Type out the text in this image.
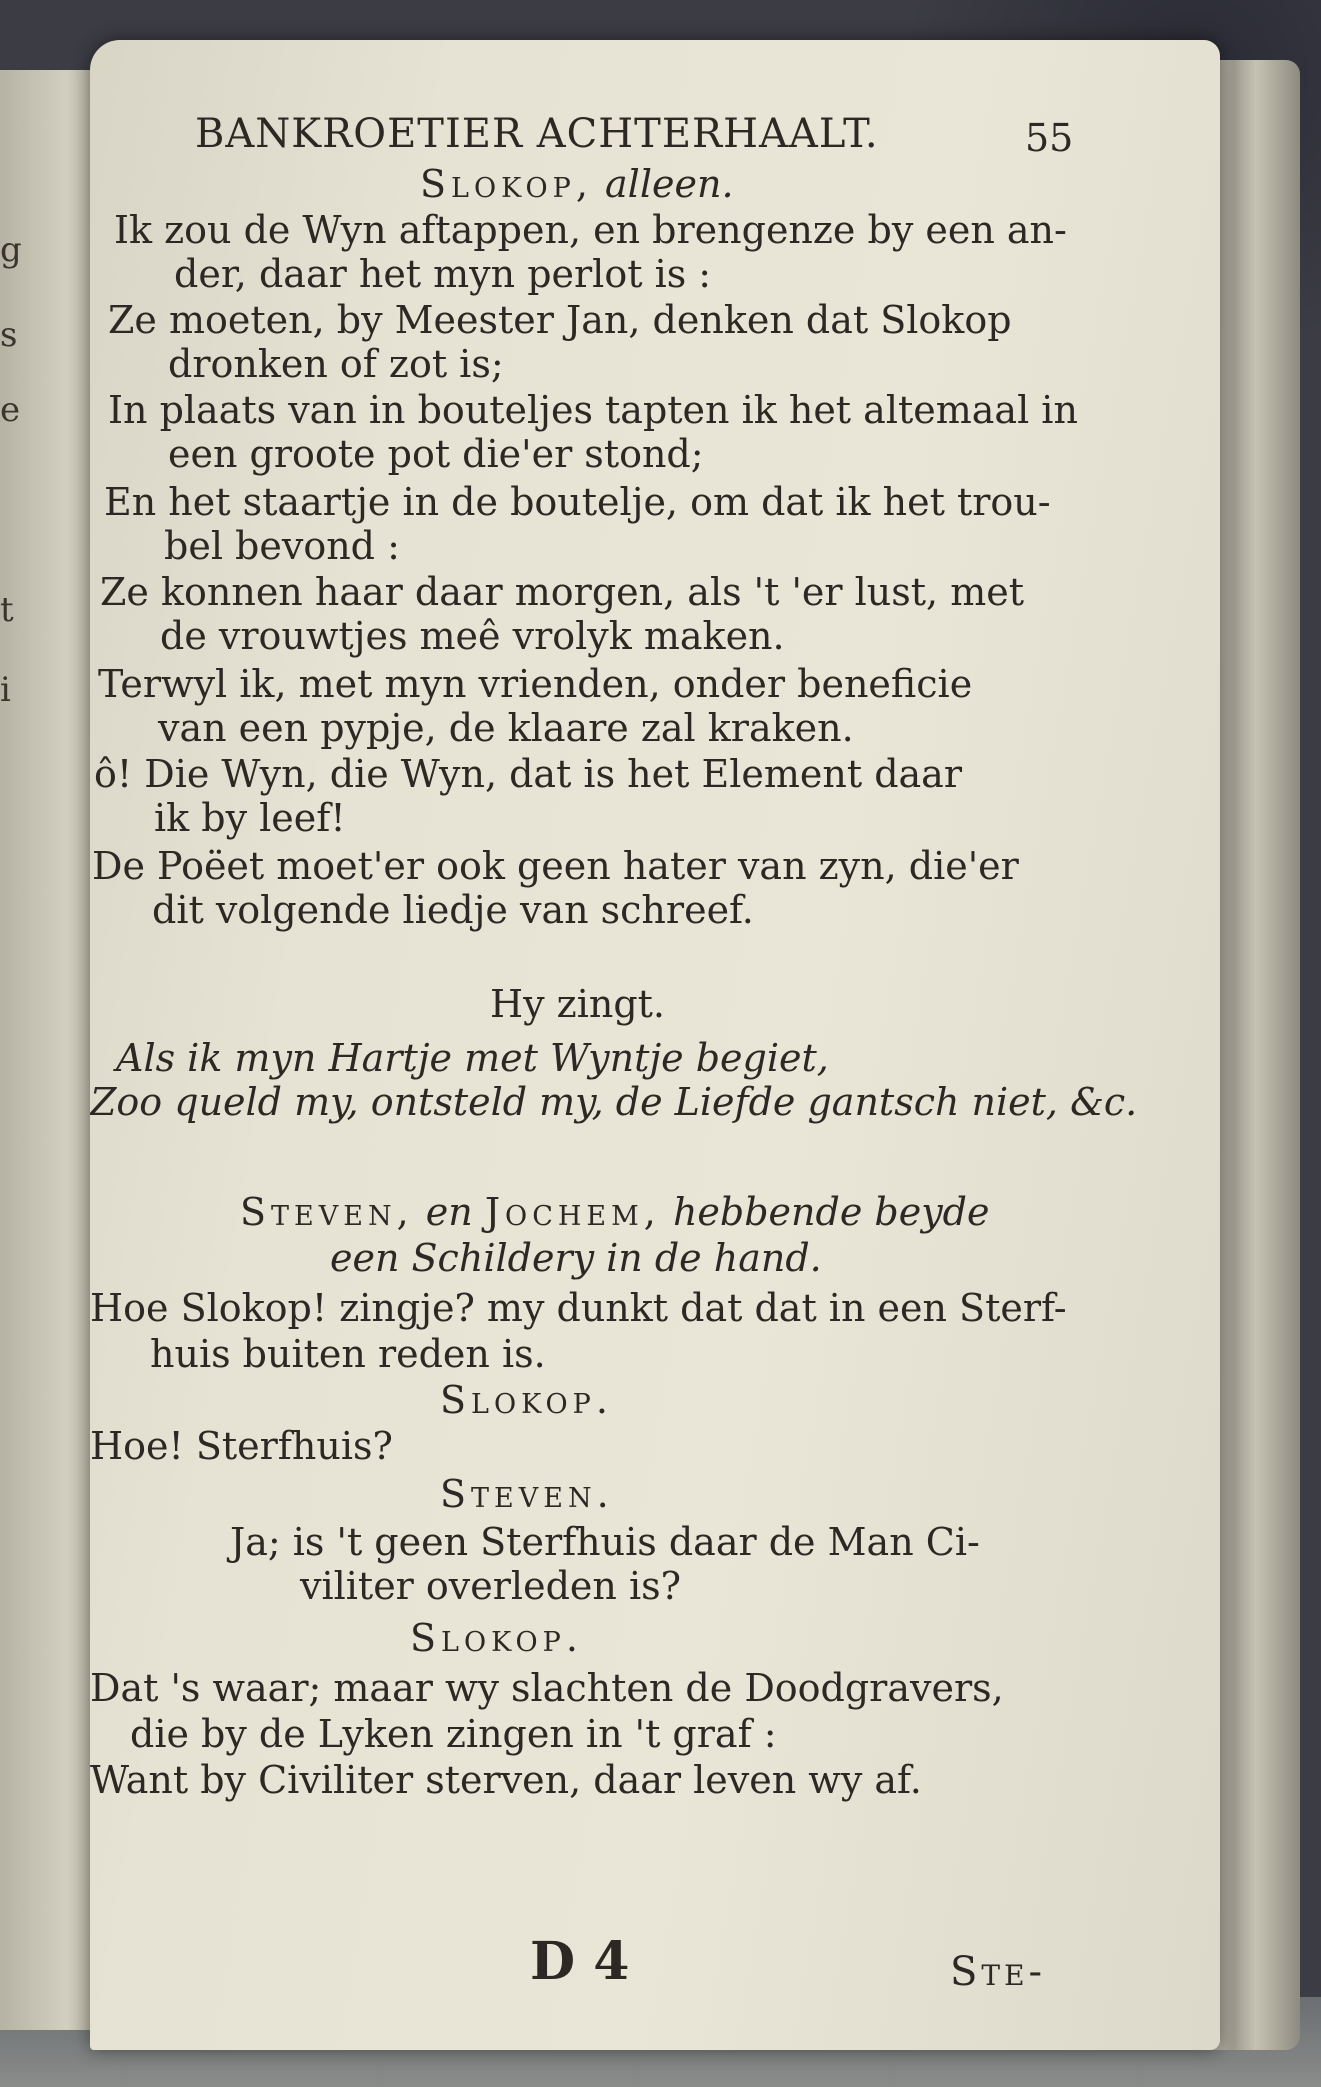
g
s
e
t
i
BANKROETIER ACHTERHAALT.	55
Slokop, alleen.
Ik zou de Wyn aftappen, en brengenze by een an-
der, daar het myn perlot is :
Ze moeten, by Meester Jan, denken dat Slokop
dronken of zot is;
In plaats van in bouteljes tapten ik het altemaal in
een groote pot die'er stond;
En het staartje in de boutelje, om dat ik het trou-
bel bevond :
Ze konnen haar daar morgen, als 't 'er lust, met
de vrouwtjes meê vrolyk maken.
Terwyl ik, met myn vrienden, onder beneficie
van een pypje, de klaare zal kraken.
ô! Die Wyn, die Wyn, dat is het Element daar
ik by leef!
De Poëet moet'er ook geen hater van zyn, die'er
dit volgende liedje van schreef.
Hy zingt.
Als ik myn Hartje met Wyntje begiet,
Zoo queld my, ontsteld my, de Liefde gantsch niet, &c.
Steven, en Jochem, hebbende beyde
een Schildery in de hand.
Hoe Slokop! zingje? my dunkt dat dat in een Sterf-
huis buiten reden is.
Slokop.
Hoe! Sterfhuis?
Steven.
Ja; is 't geen Sterfhuis daar de Man Ci-
viliter overleden is?
Slokop.
Dat 's waar; maar wy slachten de Doodgravers,
die by de Lyken zingen in 't graf :
Want by Civiliter sterven, daar leven wy af.
D 4	Ste-
